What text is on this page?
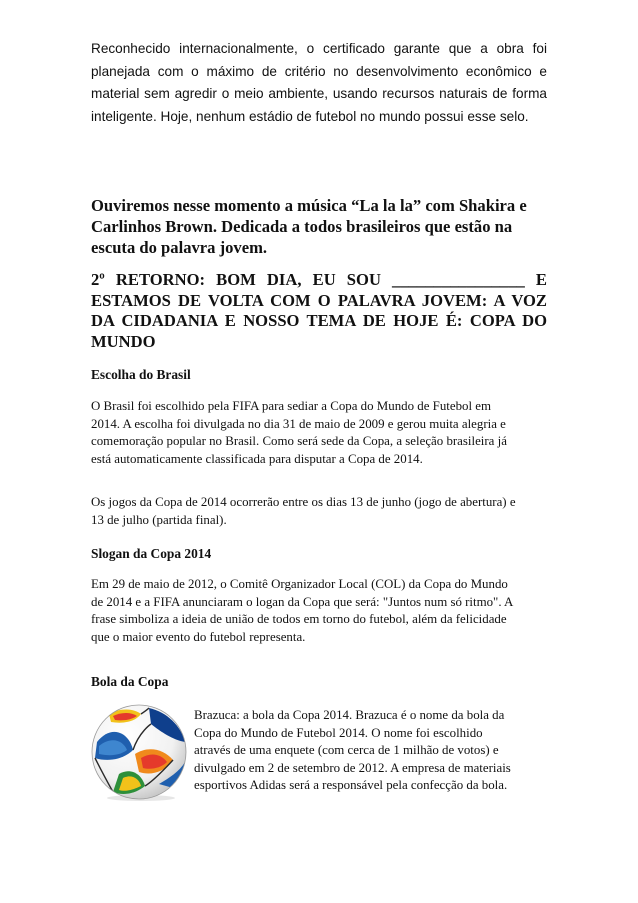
Reconhecido internacionalmente, o certificado garante que a obra foi planejada com o máximo de critério no desenvolvimento econômico e material sem agredir o meio ambiente, usando recursos naturais de forma inteligente. Hoje, nenhum estádio de futebol no mundo possui esse selo.

Ouviremos nesse momento a música “La la la” com Shakira e Carlinhos Brown. Dedicada a todos brasileiros que estão na escuta do palavra jovem.

2º RETORNO: BOM DIA, EU SOU ________________ E ESTAMOS DE VOLTA COM O PALAVRA JOVEM: A VOZ DA CIDADANIA E NOSSO TEMA DE HOJE É: COPA DO MUNDO

Escolha do Brasil

O Brasil foi escolhido pela FIFA para sediar a Copa do Mundo de Futebol em 2014. A escolha foi divulgada no dia 31 de maio de 2009 e gerou muita alegria e comemoração popular no Brasil. Como será sede da Copa, a seleção brasileira já está automaticamente classificada para disputar a Copa de 2014.

Os jogos da Copa de 2014 ocorrerão entre os dias 13 de junho (jogo de abertura) e 13 de julho (partida final).

Slogan da Copa 2014

Em 29 de maio de 2012, o Comitê Organizador Local (COL) da Copa do Mundo de 2014 e a FIFA anunciaram o logan da Copa que será: "Juntos num só ritmo". A frase simboliza a ideia de união de todos em torno do futebol, além da felicidade que o maior evento do futebol representa.

Bola da Copa

Brazuca: a bola da Copa 2014. Brazuca é o nome da bola da Copa do Mundo de Futebol 2014. O nome foi escolhido através de uma enquete (com cerca de 1 milhão de votos) e divulgado em 2 de setembro de 2012. A empresa de materiais esportivos Adidas será a responsável pela confecção da bola.
